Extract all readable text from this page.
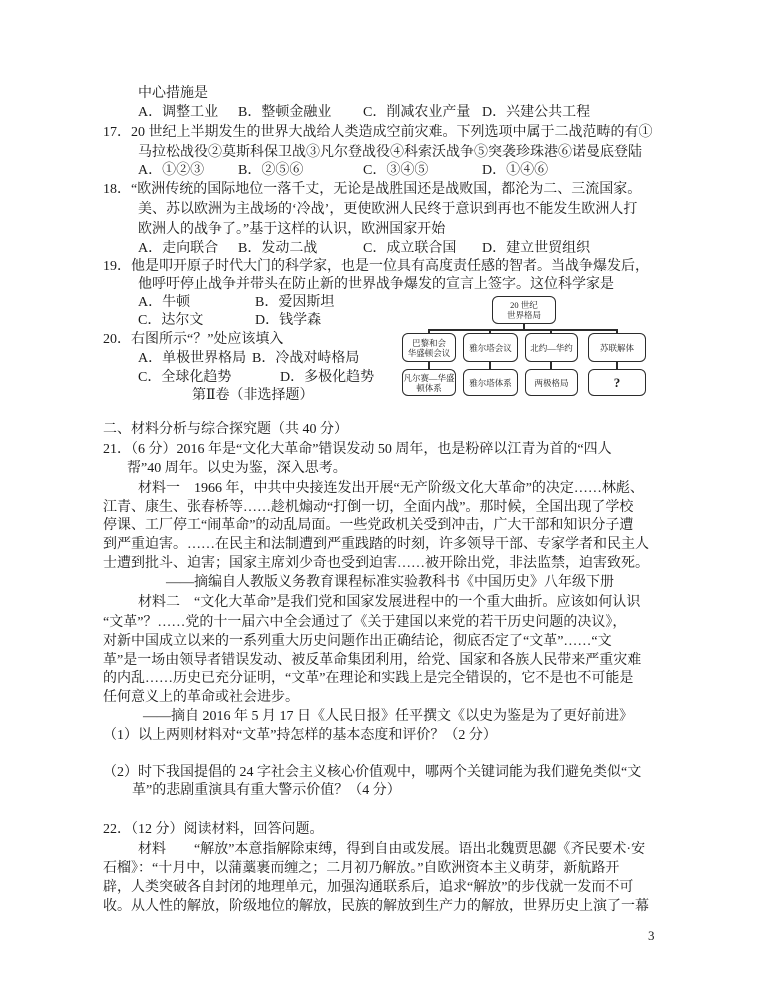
中心措施是
A．调整工业 B．整顿金融业 C．削减农业产量 D．兴建公共工程
17．20 世纪上半期发生的世界大战给人类造成空前灾难。下列选项中属于二战范畴的有①
马拉松战役②莫斯科保卫战③凡尔登战役④科索沃战争⑤突袭珍珠港⑥诺曼底登陆
A．①②③ B．②⑤⑥	C．③④⑤	D．①④⑥
18．“欧洲传统的国际地位一落千丈，无论是战胜国还是战败国，都沦为二、三流国家。
美、苏以欧洲为主战场的‘冷战’，更使欧洲人民终于意识到再也不能发生欧洲人打
欧洲人的战争了。”基于这样的认识，欧洲国家开始
A．走向联合 B．发动二战	C．成立联合国 D．建立世贸组织
19．他是叩开原子时代大门的科学家，也是一位具有高度责任感的智者。当战争爆发后，
他呼吁停止战争并带头在防止新的世界战争爆发的宣言上签字。这位科学家是
A．牛顿	B．爱因斯坦
C．达尔文	D．钱学森
20．右图所示“？”处应该填入
A．单极世界格局 B．冷战对峙格局
C．全球化趋势	D．多极化趋势
第Ⅱ卷（非选择题）
20 世纪
世界格局
巴黎和会
华盛顿会议	雅尔塔会议	北约—华约	苏联解体
凡尔赛—华盛
顿体系	雅尔塔体系	两极格局	?
二、材料分析与综合探究题（共 40 分）
21．（6 分）2016 年是“文化大革命”错误发动 50 周年，也是粉碎以江青为首的“四人
帮”40 周年。以史为鉴，深入思考。
材料一　1966 年，中共中央接连发出开展“无产阶级文化大革命”的决定……林彪、
江青、康生、张春桥等……趁机煽动“打倒一切，全面内战”。那时候，全国出现了学校
停课、工厂停工“闹革命”的动乱局面。一些党政机关受到冲击，广大干部和知识分子遭
到严重迫害。……在民主和法制遭到严重践踏的时刻，许多领导干部、专家学者和民主人
士遭到批斗、迫害；国家主席刘少奇也受到迫害……被开除出党，非法监禁，迫害致死。
——摘编自人教版义务教育课程标准实验教科书《中国历史》八年级下册
材料二　“文化大革命”是我们党和国家发展进程中的一个重大曲折。应该如何认识
“文革”？……党的十一届六中全会通过了《关于建国以来党的若干历史问题的决议》，
对新中国成立以来的一系列重大历史问题作出正确结论，彻底否定了“文革”……“文
革”是一场由领导者错误发动、被反革命集团利用，给党、国家和各族人民带来严重灾难
的内乱……历史已充分证明，“文革”在理论和实践上是完全错误的，它不是也不可能是
任何意义上的革命或社会进步。
——摘自 2016 年 5 月 17 日《人民日报》任平撰文《以史为鉴是为了更好前进》
（1）以上两则材料对“文革”持怎样的基本态度和评价？（2 分）
（2）时下我国提倡的 24 字社会主义核心价值观中，哪两个关键词能为我们避免类似“文
革”的悲剧重演具有重大警示价值？（4 分）
22．（12 分）阅读材料，回答问题。
材料　　“解放”本意指解除束缚，得到自由或发展。语出北魏贾思勰《齐民要术·安
石榴》：“十月中，以蒲藁裹而缠之；二月初乃解放。”自欧洲资本主义萌芽，新航路开
辟，人类突破各自封闭的地理单元，加强沟通联系后，追求“解放”的步伐就一发而不可
收。从人性的解放，阶级地位的解放，民族的解放到生产力的解放，世界历史上演了一幕
3
